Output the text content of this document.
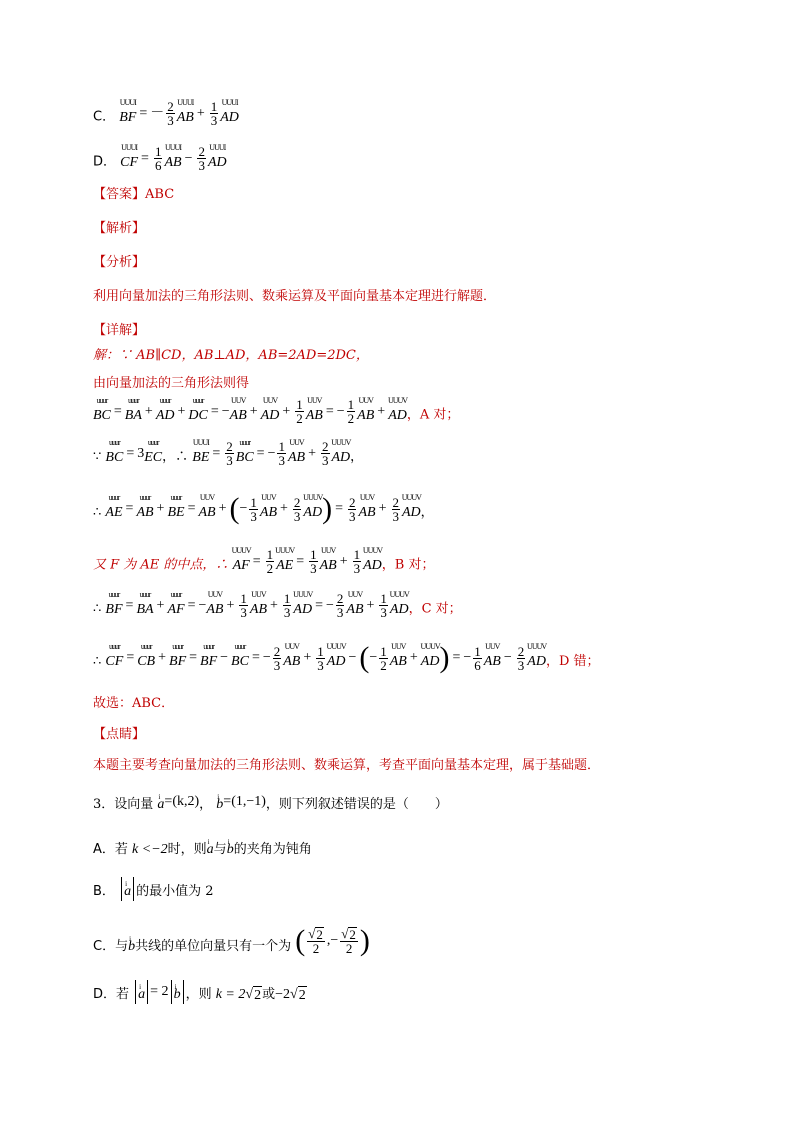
C． UUUI BF = － $\frac{2}{3}$ UUUI AB + $\frac{1}{3}$ UUUI AD
D． UUUI CF = $\frac{1}{6}$ UUUI AB − $\frac{2}{3}$ UUUI AD
【答案】ABC
【解析】
【分析】
利用向量加法的三角形法则、数乘运算及平面向量基本定理进行解题．
【详解】
解：∵ AB∥CD，AB⊥AD，AB=2AD=2DC，
由向量加法的三角形法则得
uuur BC = uuur BA + uuur AD + uuur DC = − UUV AB + UUV AD + $\frac{1}{2}$ UUV AB = − $\frac{1}{2}$ UUV AB + UUUV AD ，A 对；
∵ uuur BC = 3 uuur EC ，∴ UUUI BE = $\frac{2}{3}$ uuur BC = − $\frac{1}{3}$ UUV AB + $\frac{2}{3}$ UUUV AD ，
∴ uuur AE = uuur AB + uuur BE = UUV AB + ( − $\frac{1}{3}$ UUV AB + $\frac{2}{3}$ UUUV AD ) = $\frac{2}{3}$ UUV AB + $\frac{2}{3}$ UUUV AD ，
又 F 为 AE 的中点，∴ UUUV AF = $\frac{1}{2}$ UUUV AE = $\frac{1}{3}$ UUV AB + $\frac{1}{3}$ UUUV AD ，B 对；
∴ uuur BF = uuur BA + uuur AF = − UUV AB + $\frac{1}{3}$ UUV AB + $\frac{1}{3}$ UUUV AD = − $\frac{2}{3}$ UUV AB + $\frac{1}{3}$ UUUV AD ，C 对；
∴ uuur CF = uuur CB + uuur BF = uuur BF − uuur BC = − $\frac{2}{3}$ UUV AB + $\frac{1}{3}$ UUUV AD − ( − $\frac{1}{2}$ UUV AB + UUUV AD ) = − $\frac{1}{6}$ UUV AB − $\frac{2}{3}$ UUUV AD ，D 错；
故选：ABC．
【点睛】
本题主要考查向量加法的三角形法则、数乘运算，考查平面向量基本定理，属于基础题．
3．设向量 i a =(k,2) ， i b =(1,−1) ，则下列叙述错误的是（　　）
A．若 k <−2时，则 i a 与 i b 的夹角为钝角
B． i a 的最小值为 2
C．与 i b 共线的单位向量只有一个为 ( $\frac{√ 2}{2}$ ,− $\frac{√ 2}{2}$ )
D．若 i a = 2 i b ，则 k = 2 √ 2 或 −2 √ 2
